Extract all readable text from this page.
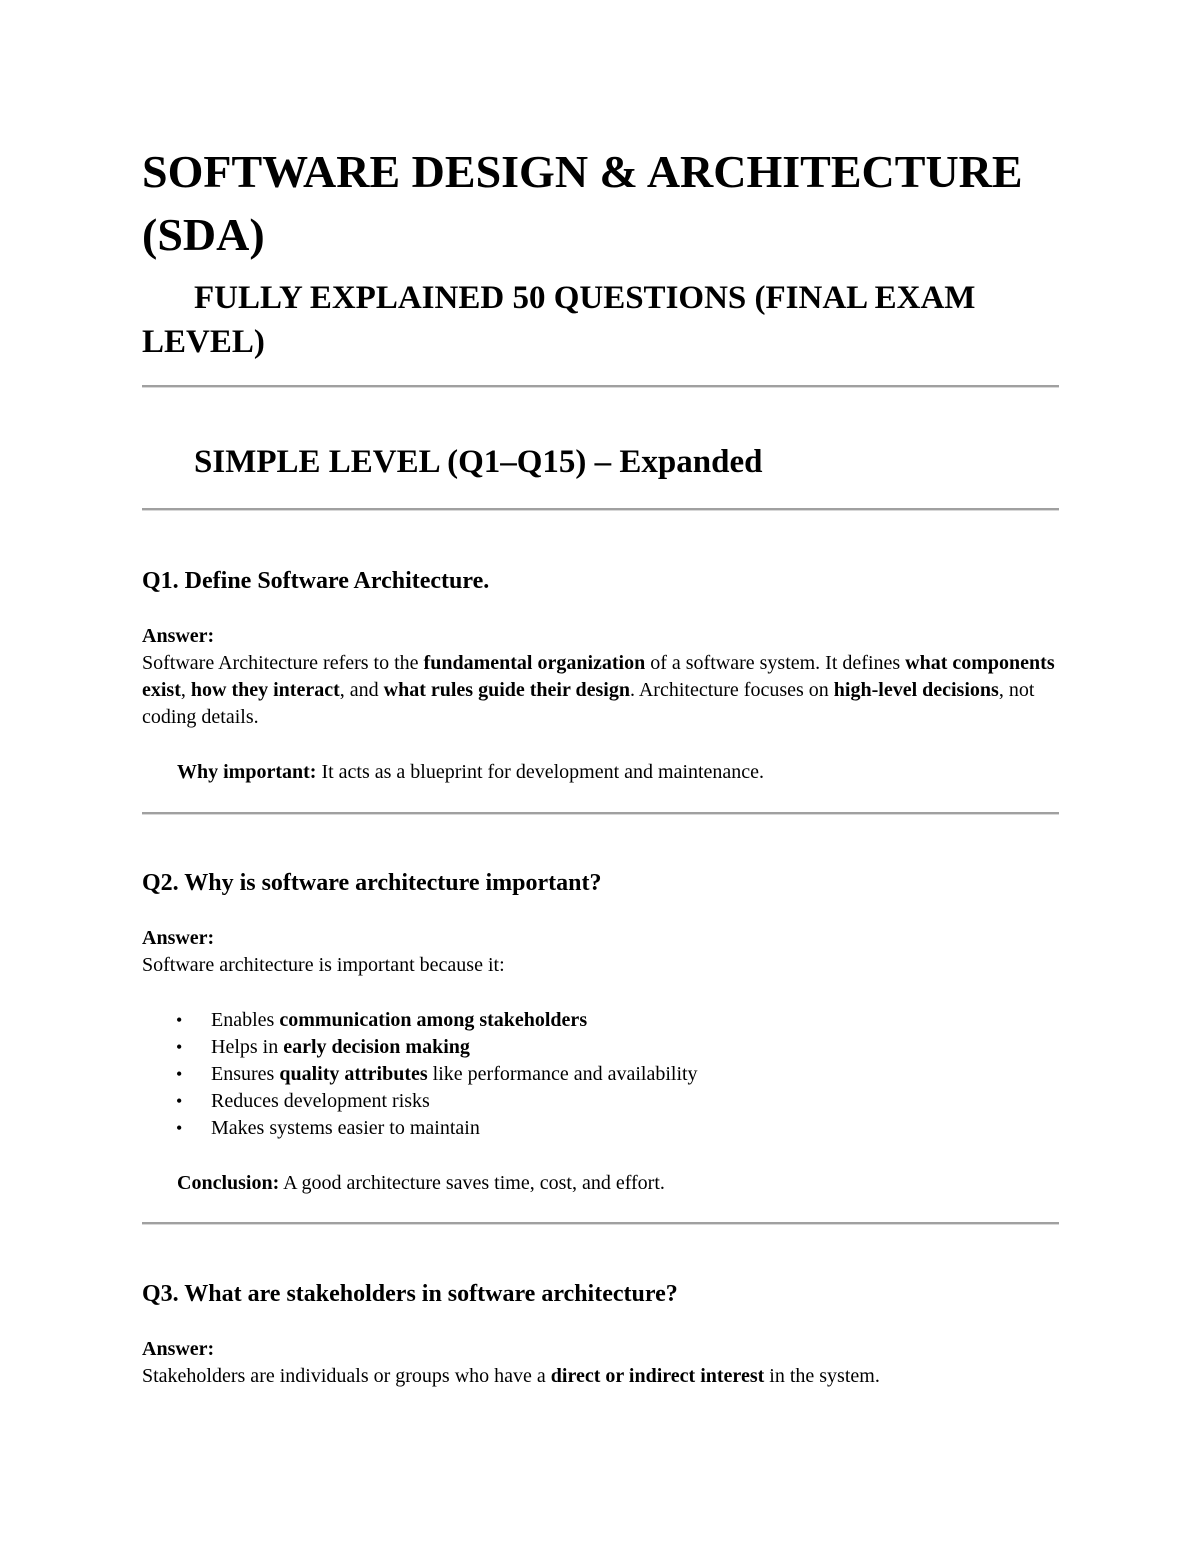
SOFTWARE DESIGN & ARCHITECTURE (SDA)
FULLY EXPLAINED 50 QUESTIONS (FINAL EXAM LEVEL)
SIMPLE LEVEL (Q1–Q15) – Expanded
Q1. Define Software Architecture.

Answer:

Software Architecture refers to the fundamental organization of a software system. It defines what components exist, how they interact, and what rules guide their design. Architecture focuses on high-level decisions, not coding details.

Why important: It acts as a blueprint for development and maintenance.

Q2. Why is software architecture important?

Answer:

Software architecture is important because it:

• Enables communication among stakeholders
• Helps in early decision making
• Ensures quality attributes like performance and availability
• Reduces development risks
• Makes systems easier to maintain

Conclusion: A good architecture saves time, cost, and effort.

Q3. What are stakeholders in software architecture?

Answer:

Stakeholders are individuals or groups who have a direct or indirect interest in the system.
